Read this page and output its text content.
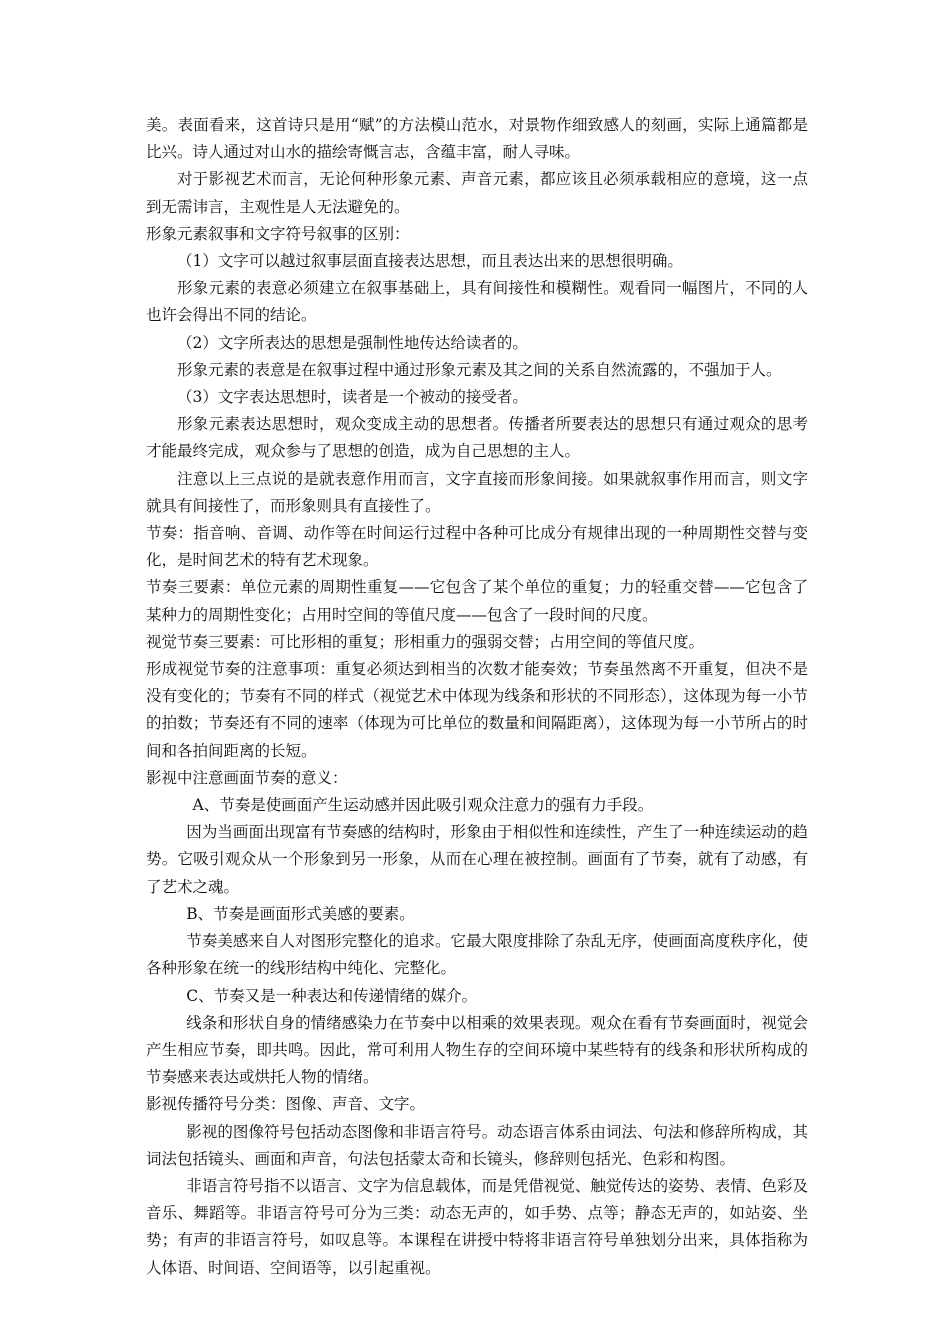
美。表面看来，这首诗只是用“赋”的方法模山范水，对景物作细致感人的刻画，实际上通篇都是比兴。诗人通过对山水的描绘寄慨言志，含蕴丰富，耐人寻味。

对于影视艺术而言，无论何种形象元素、声音元素，都应该且必须承载相应的意境，这一点到无需讳言，主观性是人无法避免的。

形象元素叙事和文字符号叙事的区别：

（1）文字可以越过叙事层面直接表达思想，而且表达出来的思想很明确。

形象元素的表意必须建立在叙事基础上，具有间接性和模糊性。观看同一幅图片，不同的人也许会得出不同的结论。

（2）文字所表达的思想是强制性地传达给读者的。

形象元素的表意是在叙事过程中通过形象元素及其之间的关系自然流露的，不强加于人。

（3）文字表达思想时，读者是一个被动的接受者。

形象元素表达思想时，观众变成主动的思想者。传播者所要表达的思想只有通过观众的思考才能最终完成，观众参与了思想的创造，成为自己思想的主人。

注意以上三点说的是就表意作用而言，文字直接而形象间接。如果就叙事作用而言，则文字就具有间接性了，而形象则具有直接性了。

节奏：指音响、音调、动作等在时间运行过程中各种可比成分有规律出现的一种周期性交替与变化，是时间艺术的特有艺术现象。

节奏三要素：单位元素的周期性重复——它包含了某个单位的重复；力的轻重交替——它包含了某种力的周期性变化；占用时空间的等值尺度——包含了一段时间的尺度。

视觉节奏三要素：可比形相的重复；形相重力的强弱交替；占用空间的等值尺度。

形成视觉节奏的注意事项：重复必须达到相当的次数才能奏效；节奏虽然离不开重复，但决不是没有变化的；节奏有不同的样式（视觉艺术中体现为线条和形状的不同形态），这体现为每一小节的拍数；节奏还有不同的速率（体现为可比单位的数量和间隔距离），这体现为每一小节所占的时间和各拍间距离的长短。

影视中注意画面节奏的意义：

A、节奏是使画面产生运动感并因此吸引观众注意力的强有力手段。

因为当画面出现富有节奏感的结构时，形象由于相似性和连续性，产生了一种连续运动的趋势。它吸引观众从一个形象到另一形象，从而在心理在被控制。画面有了节奏，就有了动感，有了艺术之魂。

B、节奏是画面形式美感的要素。

节奏美感来自人对图形完整化的追求。它最大限度排除了杂乱无序，使画面高度秩序化，使各种形象在统一的线形结构中纯化、完整化。

C、节奏又是一种表达和传递情绪的媒介。

线条和形状自身的情绪感染力在节奏中以相乘的效果表现。观众在看有节奏画面时，视觉会产生相应节奏，即共鸣。因此，常可利用人物生存的空间环境中某些特有的线条和形状所构成的节奏感来表达或烘托人物的情绪。

影视传播符号分类：图像、声音、文字。

影视的图像符号包括动态图像和非语言符号。动态语言体系由词法、句法和修辞所构成，其词法包括镜头、画面和声音，句法包括蒙太奇和长镜头，修辞则包括光、色彩和构图。

非语言符号指不以语言、文字为信息载体，而是凭借视觉、触觉传达的姿势、表情、色彩及音乐、舞蹈等。非语言符号可分为三类：动态无声的，如手势、点等；静态无声的，如站姿、坐势；有声的非语言符号，如叹息等。本课程在讲授中特将非语言符号单独划分出来，具体指称为人体语、时间语、空间语等，以引起重视。
